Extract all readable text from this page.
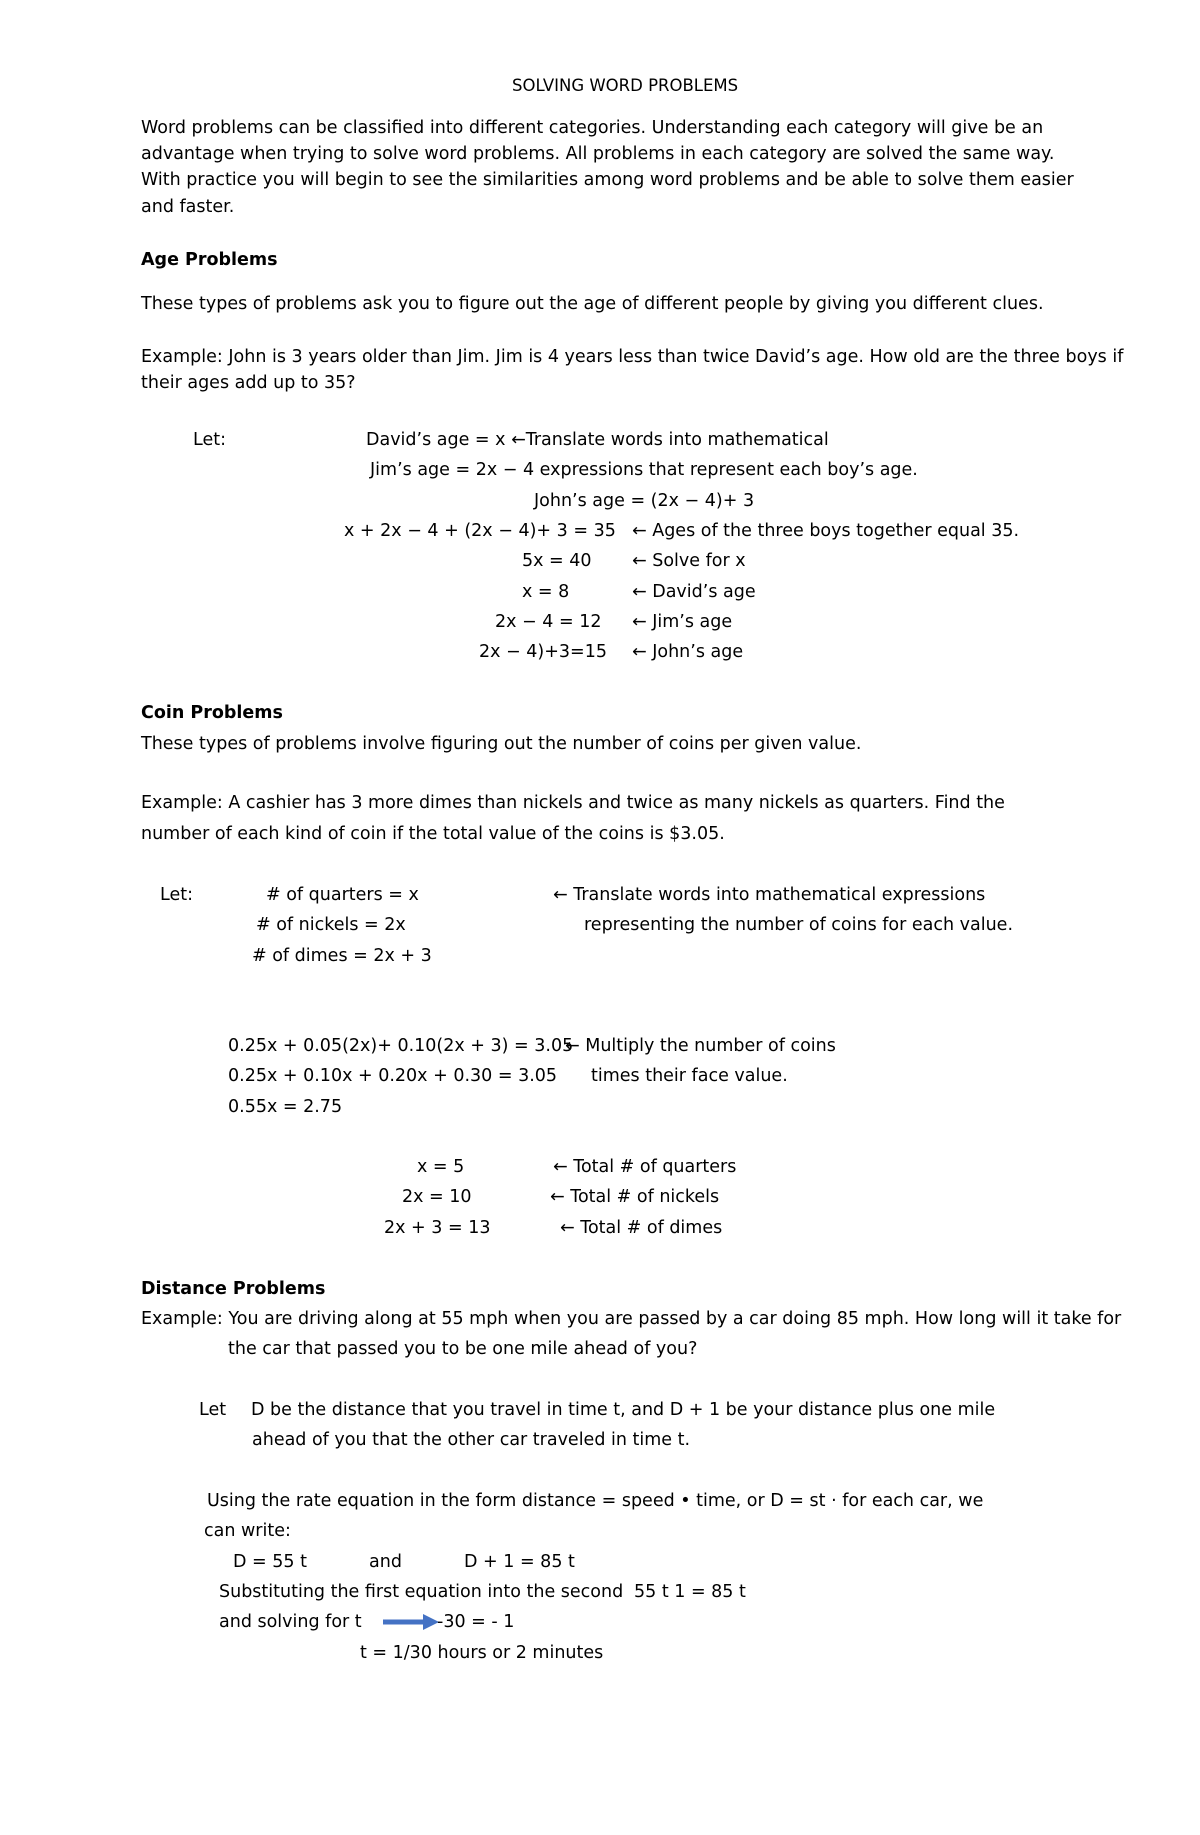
SOLVING WORD PROBLEMS
Word problems can be classified into different categories. Understanding each category will give be an
advantage when trying to solve word problems. All problems in each category are solved the same way.
With practice you will begin to see the similarities among word problems and be able to solve them easier
and faster.
Age Problems
These types of problems ask you to figure out the age of different people by giving you different clues.
Example: John is 3 years older than Jim. Jim is 4 years less than twice David’s age. How old are the three boys if
their ages add up to 35?
Let:	David’s age = x ←Translate words into mathematical
Jim’s age = 2x − 4 expressions that represent each boy’s age.
John’s age = (2x − 4)+ 3
x + 2x − 4 + (2x − 4)+ 3 = 35 ← Ages of the three boys together equal 35.
5x = 40 ← Solve for x
x = 8	← David’s age
2x − 4 = 12 ← Jim’s age
2x − 4)+3=15 ← John’s age
Coin Problems
These types of problems involve figuring out the number of coins per given value.
Example: A cashier has 3 more dimes than nickels and twice as many nickels as quarters. Find the
number of each kind of coin if the total value of the coins is $3.05.
Let:	# of quarters = x
# of nickels = 2x
# of dimes = 2x + 3
← Translate words into mathematical expressions
representing the number of coins for each value.
0.25x + 0.05(2x)+ 0.10(2x + 3) = 3.05
0.25x + 0.10x + 0.20x + 0.30 = 3.05
0.55x = 2.75
← Multiply the number of coins
times their face value.
x = 5	← Total # of quarters
2x = 10	← Total # of nickels
2x + 3 = 13	← Total # of dimes
Distance Problems
Example: You are driving along at 55 mph when you are passed by a car doing 85 mph. How long will it take for
the car that passed you to be one mile ahead of you?
Let D be the distance that you travel in time t, and D + 1 be your distance plus one mile
ahead of you that the other car traveled in time t.
Using the rate equation in the form distance = speed • time, or D = st · for each car, we
can write:
D = 55 t	and	D + 1 = 85 t
Substituting the first equation into the second 55 t 1 = 85 t
and solving for t	-30 = - 1
t = 1/30 hours or 2 minutes
